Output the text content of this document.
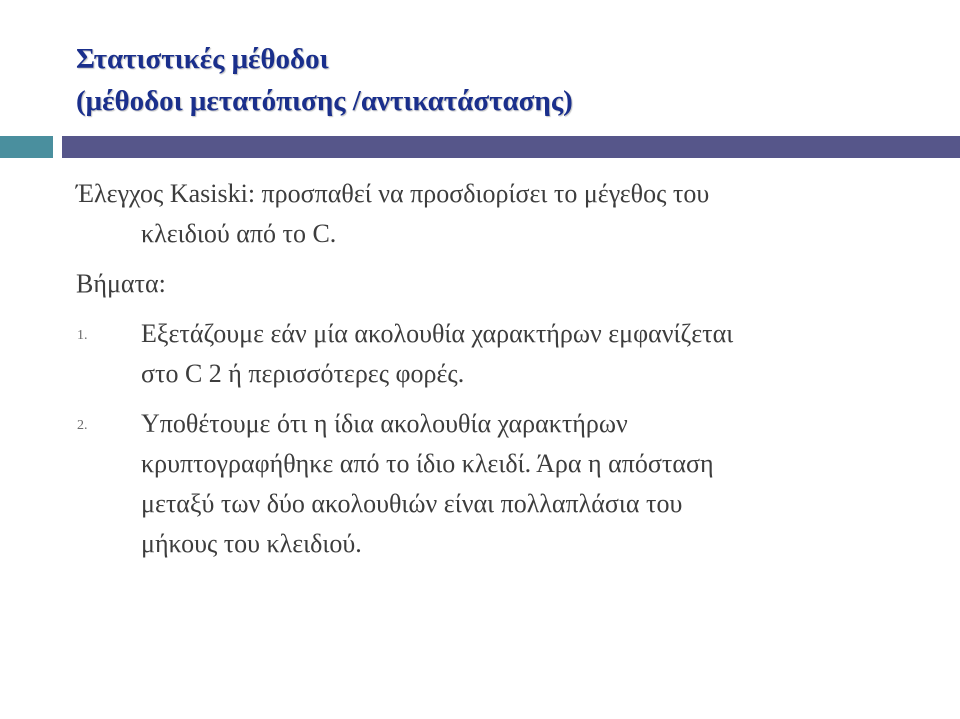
Στατιστικές μέθοδοι
(μέθοδοι μετατόπισης /αντικατάστασης)

Έλεγχος Kasiski: προσπαθεί να προσδιορίσει το μέγεθος του

κλειδιού από το C.

Βήματα:

1. Εξετάζουμε εάν μία ακολουθία χαρακτήρων εμφανίζεται

στο C 2 ή περισσότερες φορές.

2. Υποθέτουμε ότι η ίδια ακολουθία χαρακτήρων

κρυπτογραφήθηκε από το ίδιο κλειδί. Άρα η απόσταση

μεταξύ των δύο ακολουθιών είναι πολλαπλάσια του

μήκους του κλειδιού.
